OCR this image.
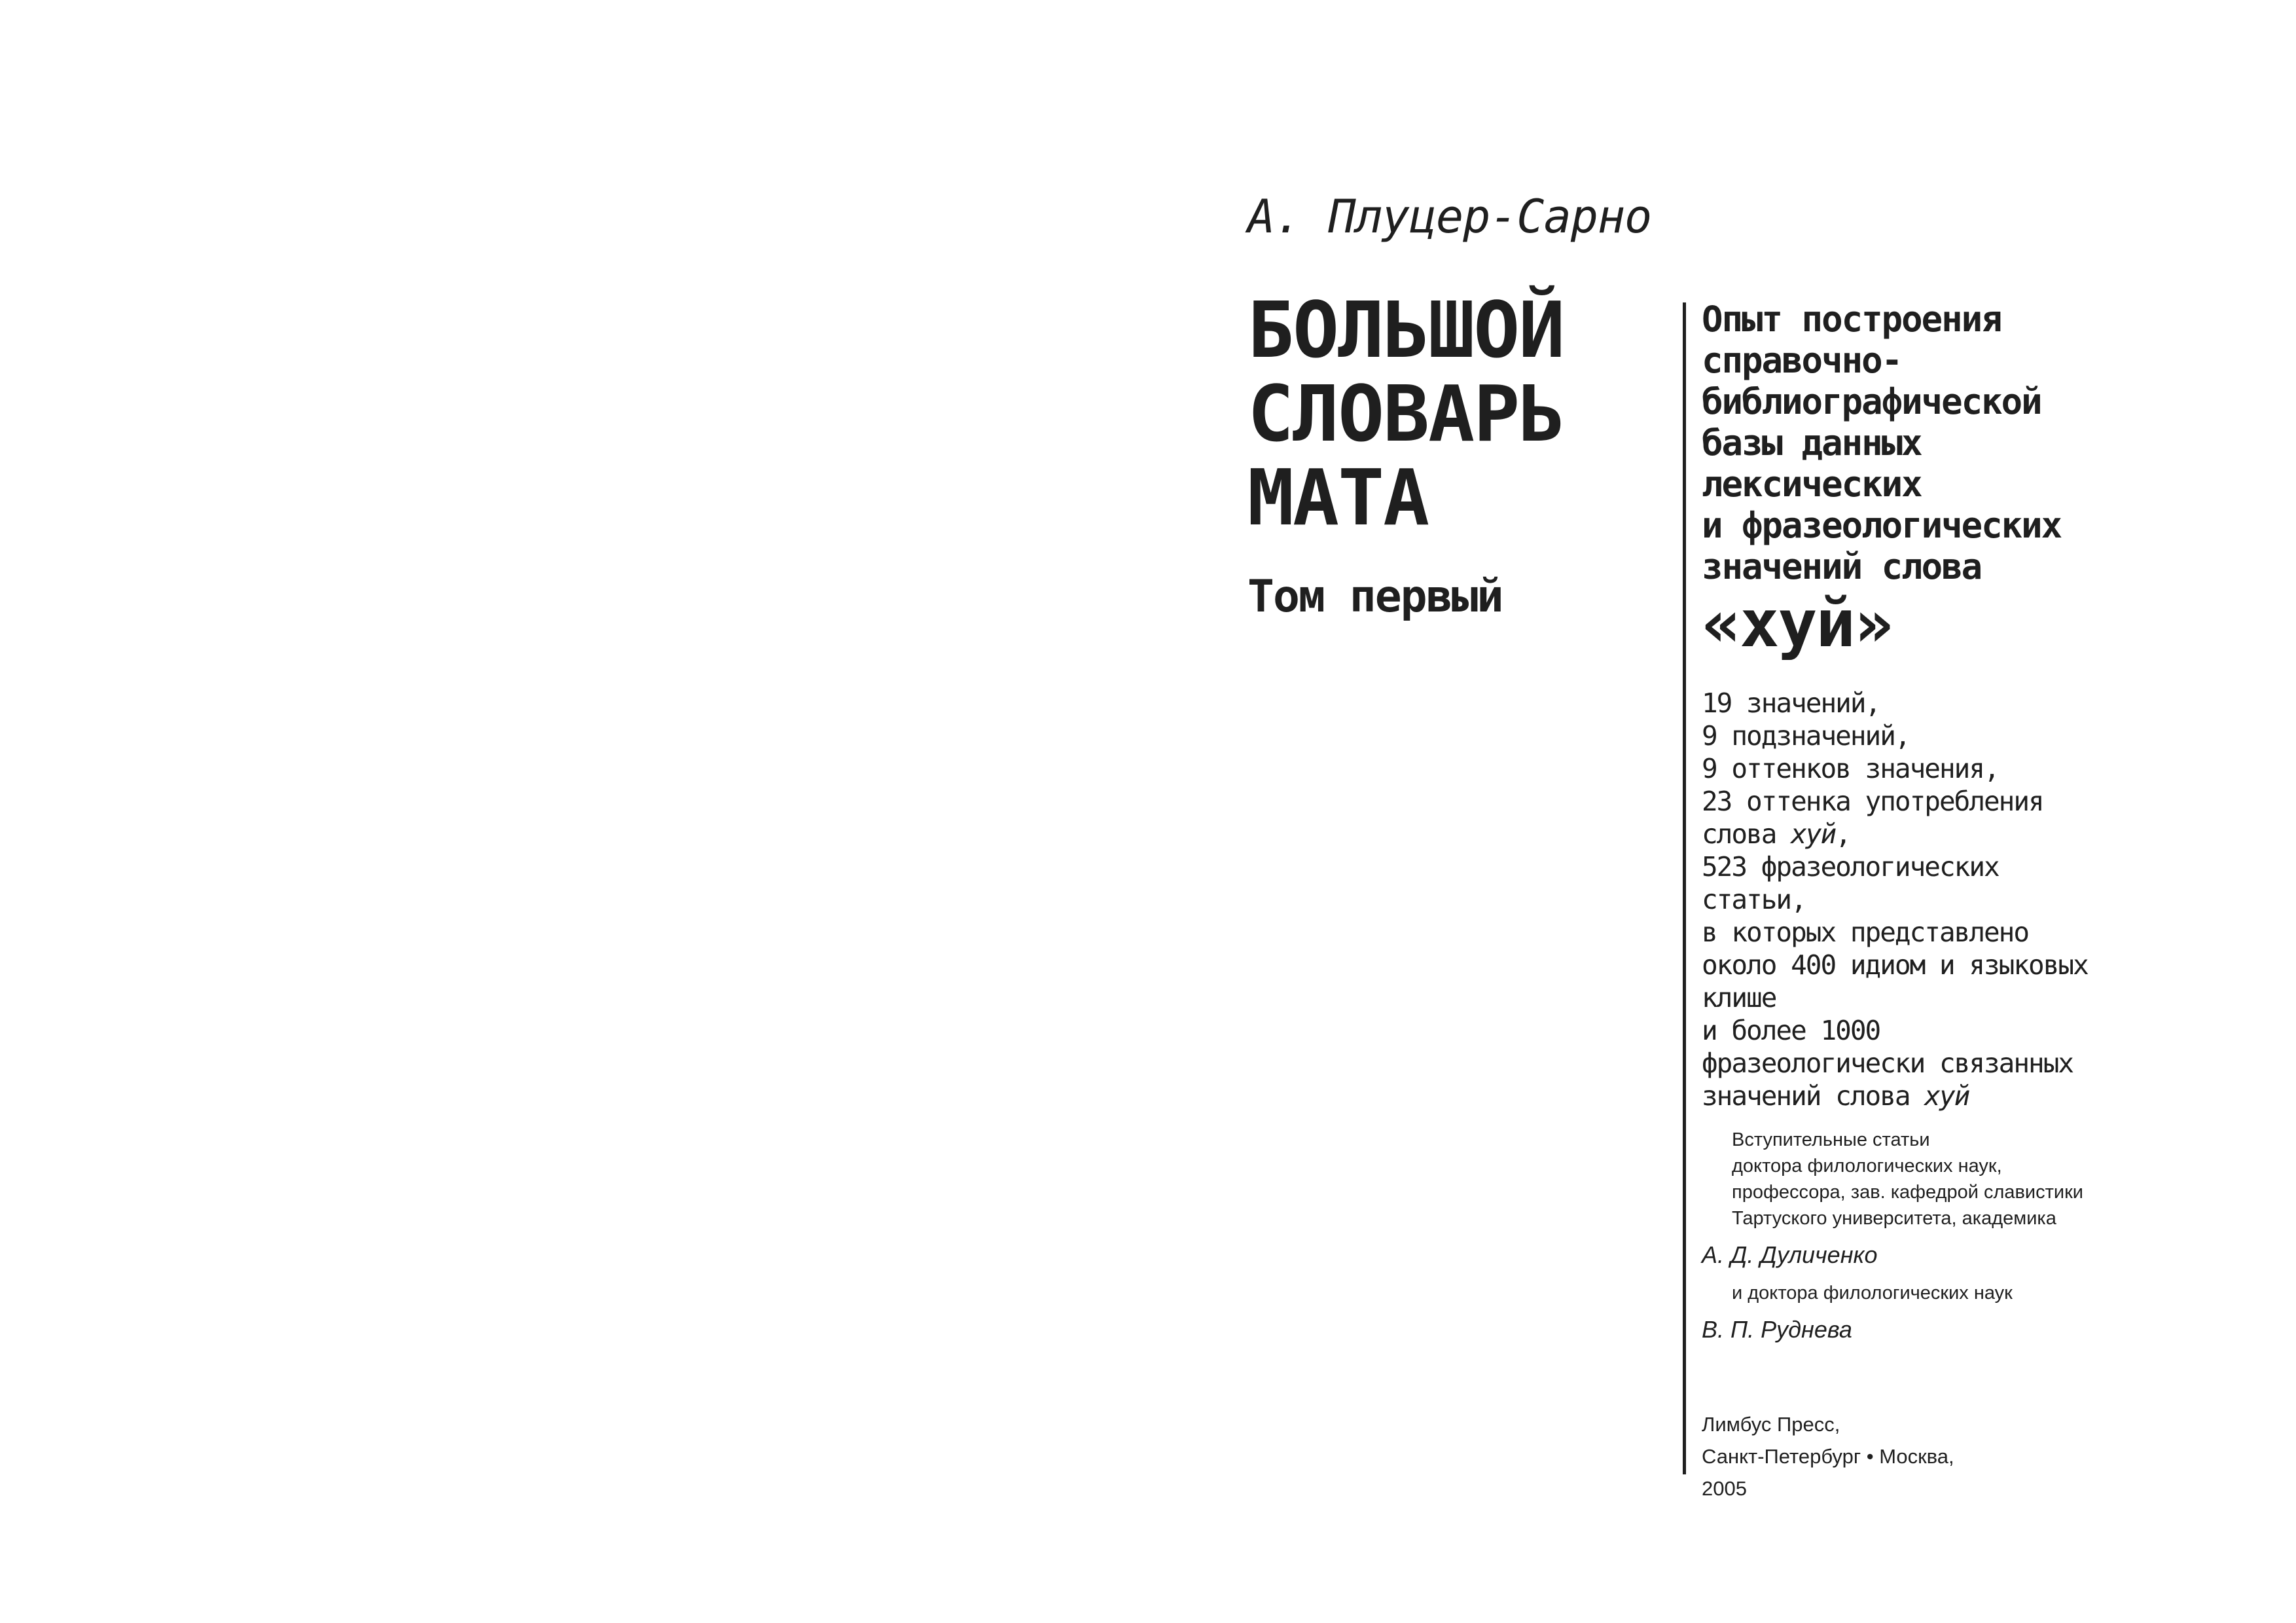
А. Плуцер-Сарно
БОЛЬШОЙ
СЛОВАРЬ
МАТА
Том первый
Опыт построения
справочно-
библиографической
базы данных
лексических
и фразеологических
значений слова
«хуй»
19 значений,
9 подзначений,
9 оттенков значения,
23 оттенка употребления
слова хуй,
523 фразеологических
статьи,
в которых представлено
около 400 идиом и языковых
клише
и более 1000
фразеологически связанных
значений слова хуй
Вступительные статьи
доктора филологических наук,
профессора, зав. кафедрой славистики
Тартуского университета, академика
А. Д. Дуличенко
и доктора филологических наук
В. П. Руднева
Лимбус Пресс,
Санкт-Петербург • Москва,
2005
